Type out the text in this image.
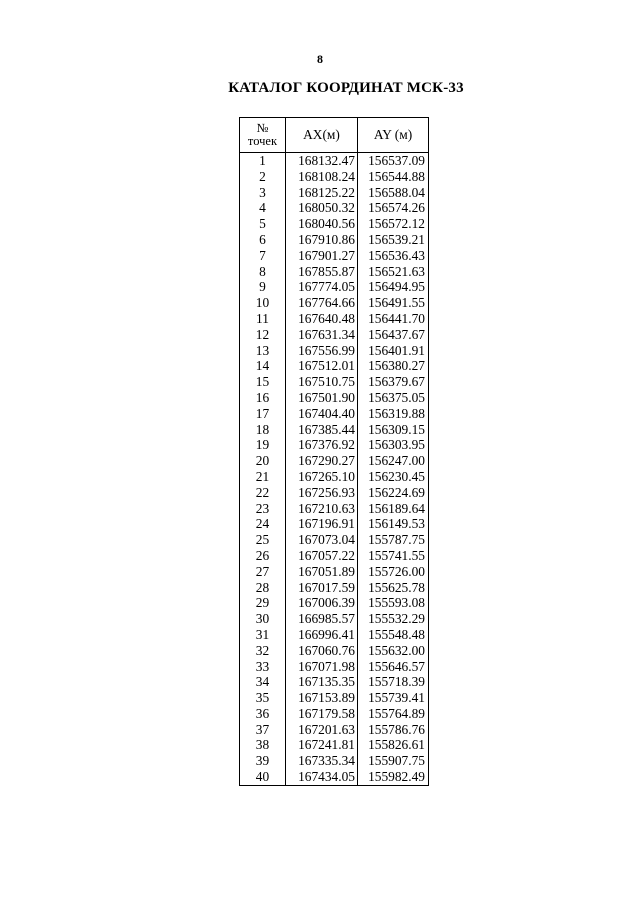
8
КАТАЛОГ КООРДИНАТ МСК-33
№
точек	AX(м)	AY (м)
1	168132.47	156537.09
2	168108.24	156544.88
3	168125.22	156588.04
4	168050.32	156574.26
5	168040.56	156572.12
6	167910.86	156539.21
7	167901.27	156536.43
8	167855.87	156521.63
9	167774.05	156494.95
10	167764.66	156491.55
11	167640.48	156441.70
12	167631.34	156437.67
13	167556.99	156401.91
14	167512.01	156380.27
15	167510.75	156379.67
16	167501.90	156375.05
17	167404.40	156319.88
18	167385.44	156309.15
19	167376.92	156303.95
20	167290.27	156247.00
21	167265.10	156230.45
22	167256.93	156224.69
23	167210.63	156189.64
24	167196.91	156149.53
25	167073.04	155787.75
26	167057.22	155741.55
27	167051.89	155726.00
28	167017.59	155625.78
29	167006.39	155593.08
30	166985.57	155532.29
31	166996.41	155548.48
32	167060.76	155632.00
33	167071.98	155646.57
34	167135.35	155718.39
35	167153.89	155739.41
36	167179.58	155764.89
37	167201.63	155786.76
38	167241.81	155826.61
39	167335.34	155907.75
40	167434.05	155982.49
